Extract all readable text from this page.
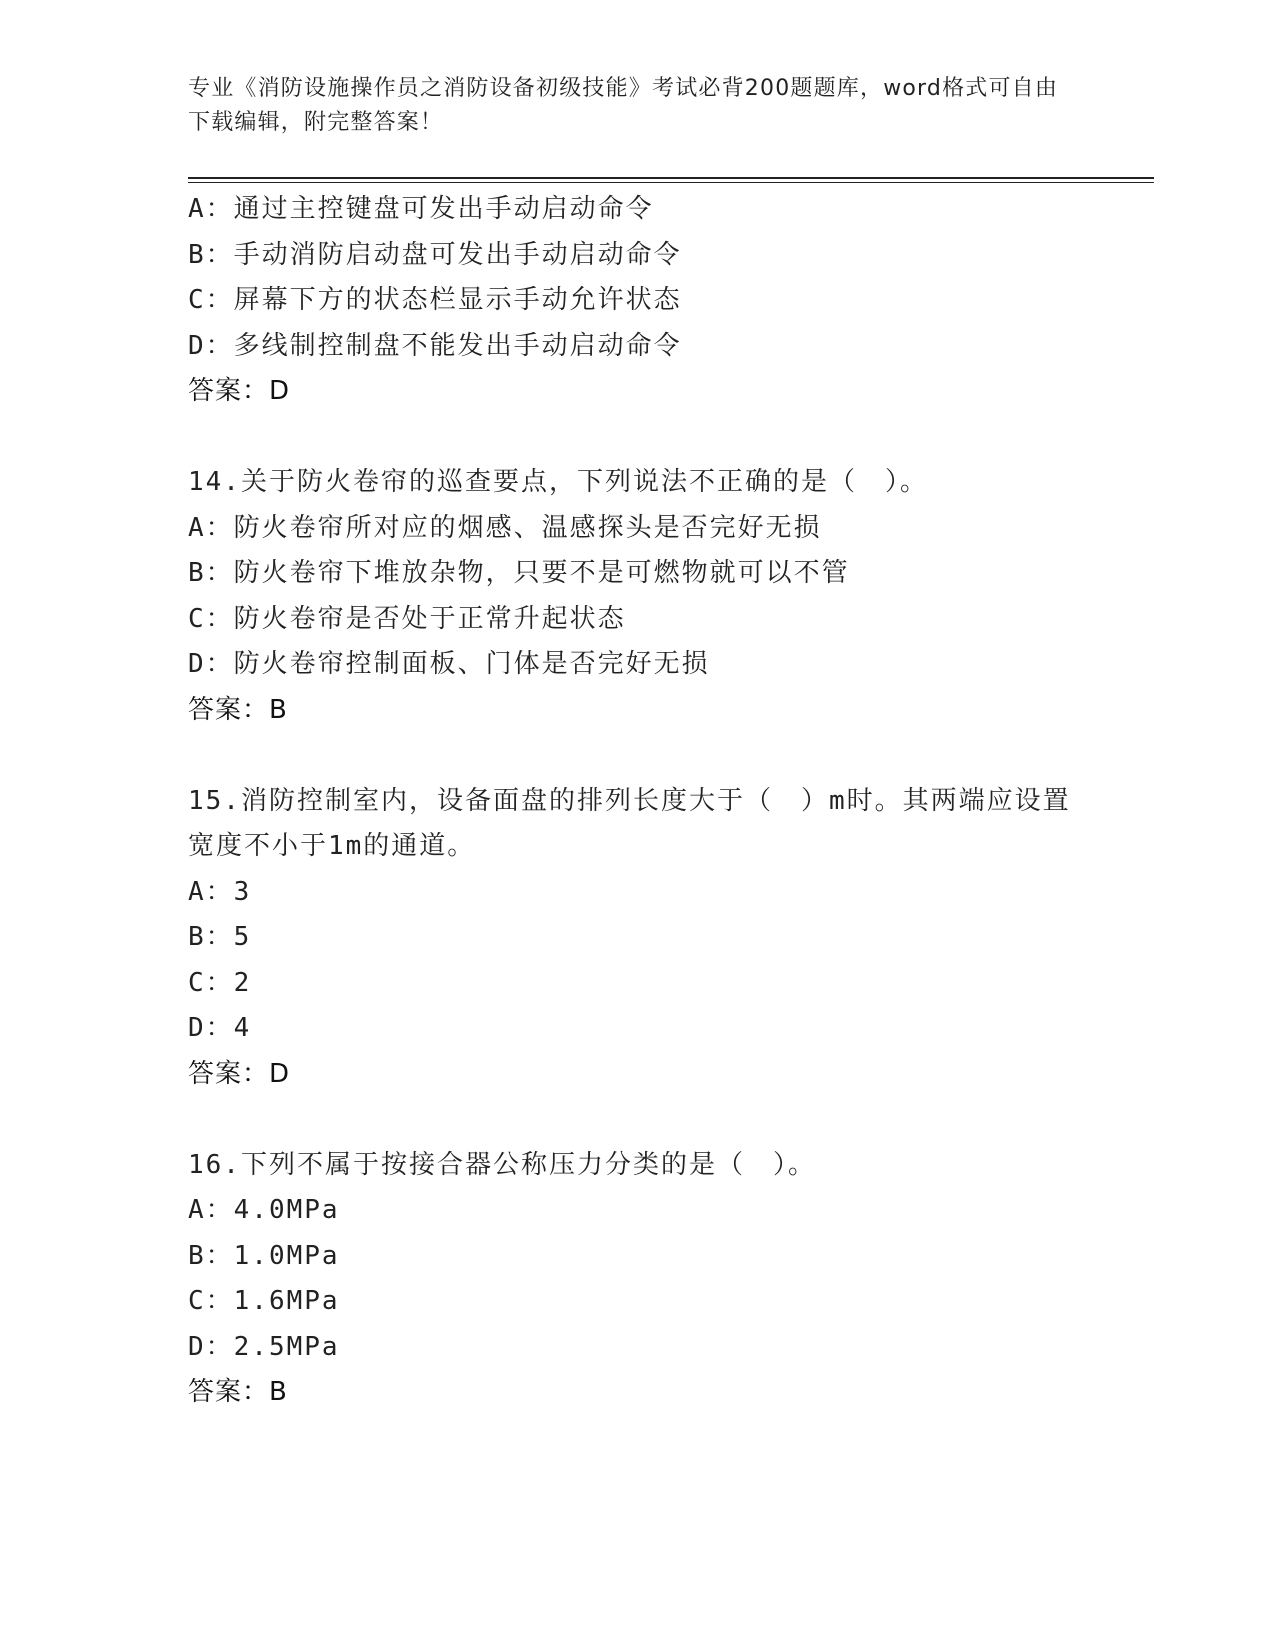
专业《消防设施操作员之消防设备初级技能》考试必背200题题库，word格式可自由下载编辑，附完整答案！
A：通过主控键盘可发出手动启动命令
B：手动消防启动盘可发出手动启动命令
C：屏幕下方的状态栏显示手动允许状态
D：多线制控制盘不能发出手动启动命令
答案：D
14.关于防火卷帘的巡查要点，下列说法不正确的是（　）。
A：防火卷帘所对应的烟感、温感探头是否完好无损
B：防火卷帘下堆放杂物，只要不是可燃物就可以不管
C：防火卷帘是否处于正常升起状态
D：防火卷帘控制面板、门体是否完好无损
答案：B
15.消防控制室内，设备面盘的排列长度大于（　）m时。其两端应设置宽度不小于1m的通道。
A：3
B：5
C：2
D：4
答案：D
16.下列不属于按接合器公称压力分类的是（　）。
A：4.0MPa
B：1.0MPa
C：1.6MPa
D：2.5MPa
答案：B
